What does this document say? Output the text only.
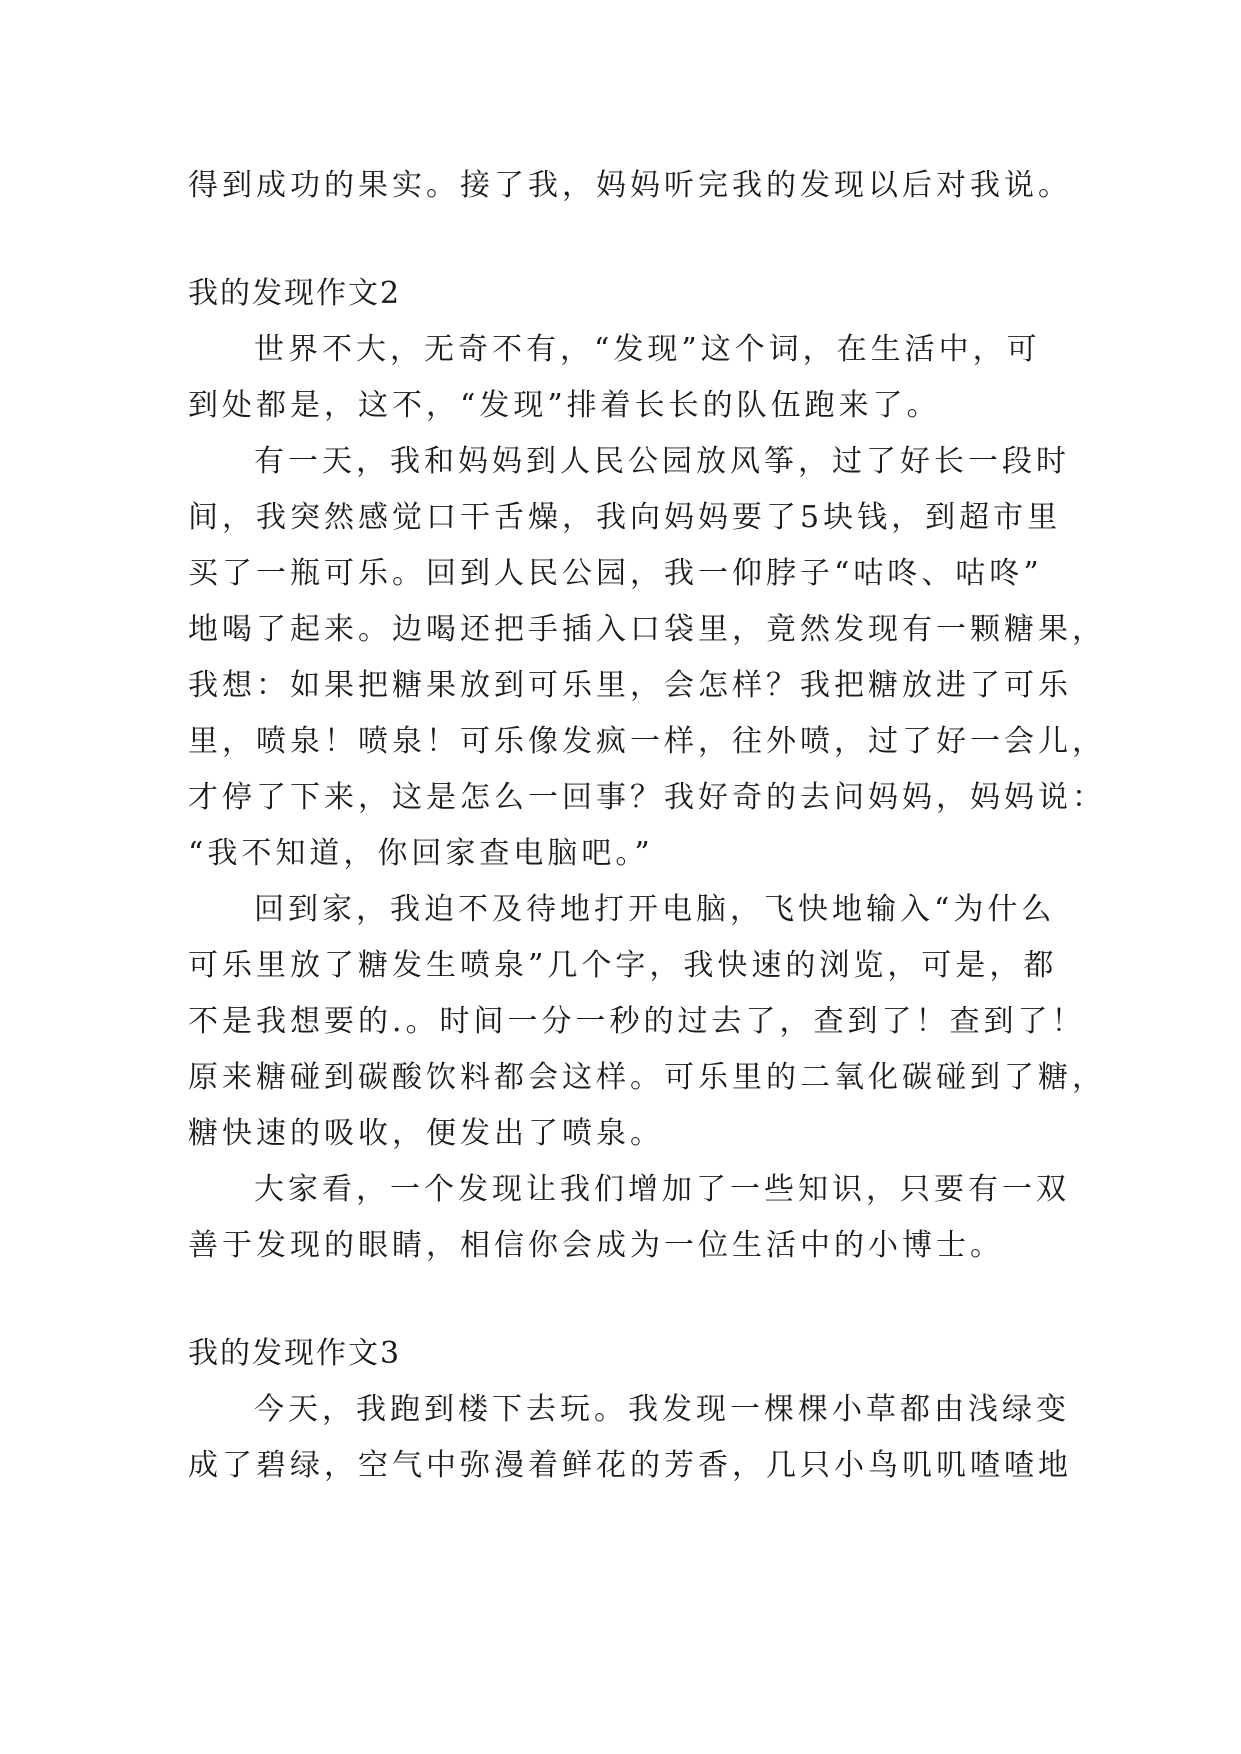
得到成功的果实。接了我，妈妈听完我的发现以后对我说。
我的发现作文2
世界不大，无奇不有，“发现”这个词，在生活中，可
到处都是，这不，“发现”排着长长的队伍跑来了。
有一天，我和妈妈到人民公园放风筝，过了好长一段时
间，我突然感觉口干舌燥，我向妈妈要了5块钱，到超市里
买了一瓶可乐。回到人民公园，我一仰脖子“咕咚、咕咚”
地喝了起来。边喝还把手插入口袋里，竟然发现有一颗糖果，
我想：如果把糖果放到可乐里，会怎样？我把糖放进了可乐
里，喷泉！喷泉！可乐像发疯一样，往外喷，过了好一会儿，
才停了下来，这是怎么一回事？我好奇的去问妈妈，妈妈说：
“我不知道，你回家查电脑吧。”
回到家，我迫不及待地打开电脑，飞快地输入“为什么
可乐里放了糖发生喷泉”几个字，我快速的浏览，可是，都
不是我想要的.。时间一分一秒的过去了，查到了！查到了！
原来糖碰到碳酸饮料都会这样。可乐里的二氧化碳碰到了糖，
糖快速的吸收，便发出了喷泉。
大家看，一个发现让我们增加了一些知识，只要有一双
善于发现的眼睛，相信你会成为一位生活中的小博士。
我的发现作文3
今天，我跑到楼下去玩。我发现一棵棵小草都由浅绿变
成了碧绿，空气中弥漫着鲜花的芳香，几只小鸟叽叽喳喳地
